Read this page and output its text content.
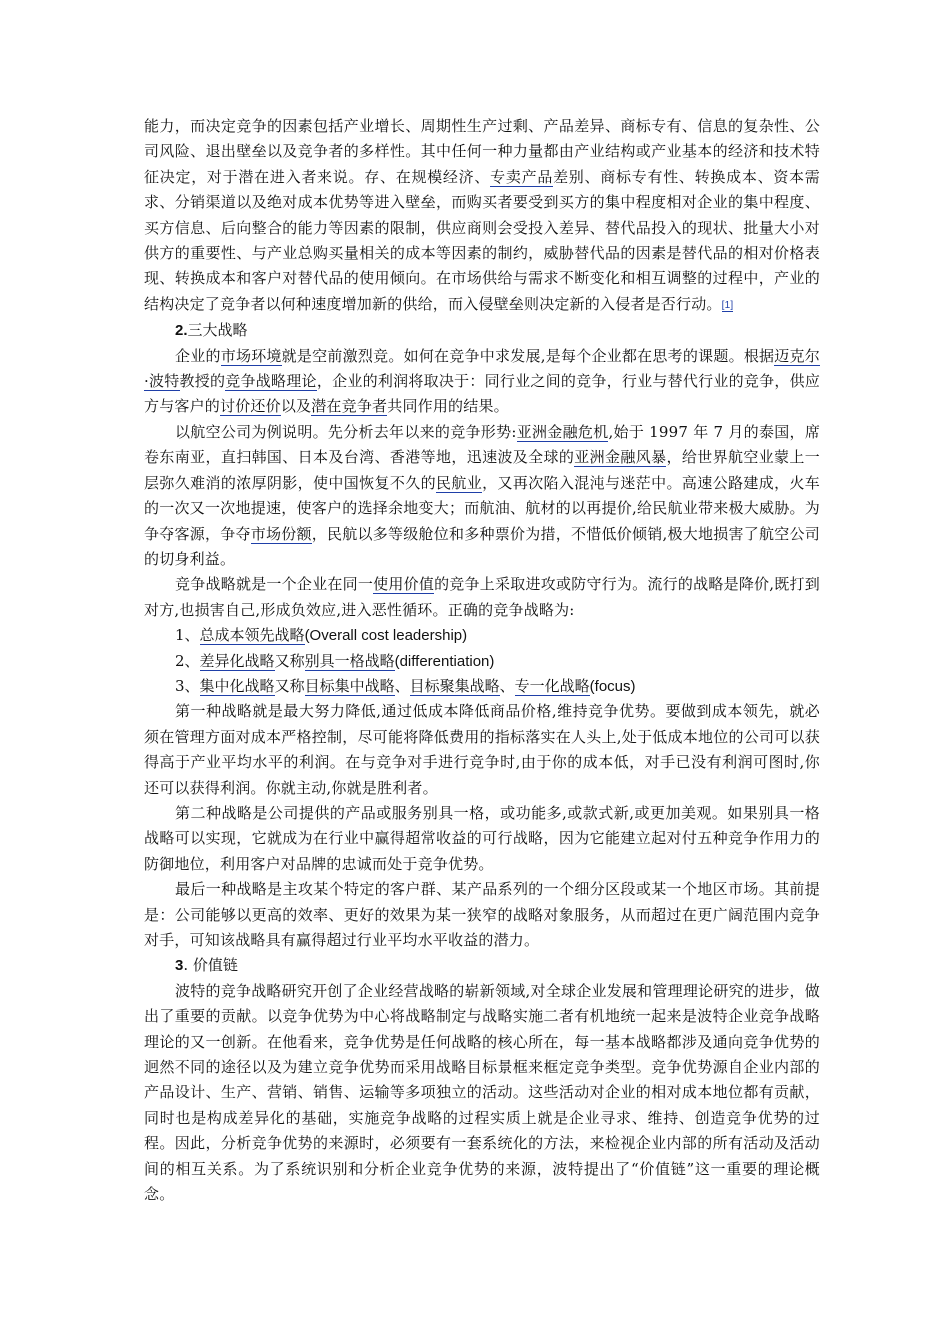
能力，而决定竞争的因素包括产业增长、周期性生产过剩、产品差异、商标专有、信息的复杂性、公司风险、退出壁垒以及竞争者的多样性。其中任何一种力量都由产业结构或产业基本的经济和技术特征决定，对于潜在进入者来说。存、在规模经济、专卖产品差别、商标专有性、转换成本、资本需求、分销渠道以及绝对成本优势等进入壁垒，而购买者要受到买方的集中程度相对企业的集中程度、买方信息、后向整合的能力等因素的限制，供应商则会受投入差异、替代品投入的现状、批量大小对供方的重要性、与产业总购买量相关的成本等因素的制约，威胁替代品的因素是替代品的相对价格表现、转换成本和客户对替代品的使用倾向。在市场供给与需求不断变化和相互调整的过程中，产业的结构决定了竞争者以何种速度增加新的供给，而入侵壁垒则决定新的入侵者是否行动。[1]

2.三大战略

企业的市场环境就是空前激烈竞。如何在竞争中求发展,是每个企业都在思考的课题。根据迈克尔·波特教授的竞争战略理论，企业的利润将取决于：同行业之间的竞争，行业与替代行业的竞争，供应方与客户的讨价还价以及潜在竞争者共同作用的结果。

以航空公司为例说明。先分析去年以来的竞争形势:亚洲金融危机,始于 1997 年 7 月的泰国，席卷东南亚，直扫韩国、日本及台湾、香港等地，迅速波及全球的亚洲金融风暴，给世界航空业蒙上一层弥久难消的浓厚阴影，使中国恢复不久的民航业，又再次陷入混沌与迷茫中。高速公路建成，火车的一次又一次地提速，使客户的选择余地变大；而航油、航材的以再提价,给民航业带来极大威胁。为争夺客源，争夺市场份额，民航以多等级舱位和多种票价为措，不惜低价倾销,极大地损害了航空公司的切身利益。

竞争战略就是一个企业在同一使用价值的竞争上采取进攻或防守行为。流行的战略是降价,既打到对方,也损害自己,形成负效应,进入恶性循环。正确的竞争战略为:

1、总成本领先战略(Overall cost leadership)

2、差异化战略又称别具一格战略(differentiation)

3、集中化战略又称目标集中战略、目标聚集战略、专一化战略(focus)

第一种战略就是最大努力降低,通过低成本降低商品价格,维持竞争优势。要做到成本领先，就必须在管理方面对成本严格控制，尽可能将降低费用的指标落实在人头上,处于低成本地位的公司可以获得高于产业平均水平的利润。在与竞争对手进行竞争时,由于你的成本低，对手已没有利润可图时,你还可以获得利润。你就主动,你就是胜利者。

第二种战略是公司提供的产品或服务别具一格，或功能多,或款式新,或更加美观。如果别具一格战略可以实现，它就成为在行业中赢得超常收益的可行战略，因为它能建立起对付五种竞争作用力的防御地位，利用客户对品牌的忠诚而处于竞争优势。

最后一种战略是主攻某个特定的客户群、某产品系列的一个细分区段或某一个地区市场。其前提是：公司能够以更高的效率、更好的效果为某一狭窄的战略对象服务，从而超过在更广阔范围内竞争对手，可知该战略具有赢得超过行业平均水平收益的潜力。

3. 价值链

波特的竞争战略研究开创了企业经营战略的崭新领域,对全球企业发展和管理理论研究的进步，做出了重要的贡献。以竞争优势为中心将战略制定与战略实施二者有机地统一起来是波特企业竞争战略理论的又一创新。在他看来，竞争优势是任何战略的核心所在，每一基本战略都涉及通向竞争优势的迥然不同的途径以及为建立竞争优势而采用战略目标景框来框定竞争类型。竞争优势源自企业内部的产品设计、生产、营销、销售、运输等多项独立的活动。这些活动对企业的相对成本地位都有贡献，同时也是构成差异化的基础，实施竞争战略的过程实质上就是企业寻求、维持、创造竞争优势的过程。因此，分析竞争优势的来源时，必须要有一套系统化的方法，来检视企业内部的所有活动及活动间的相互关系。为了系统识别和分析企业竞争优势的来源，波特提出了“价值链”这一重要的理论概念。
